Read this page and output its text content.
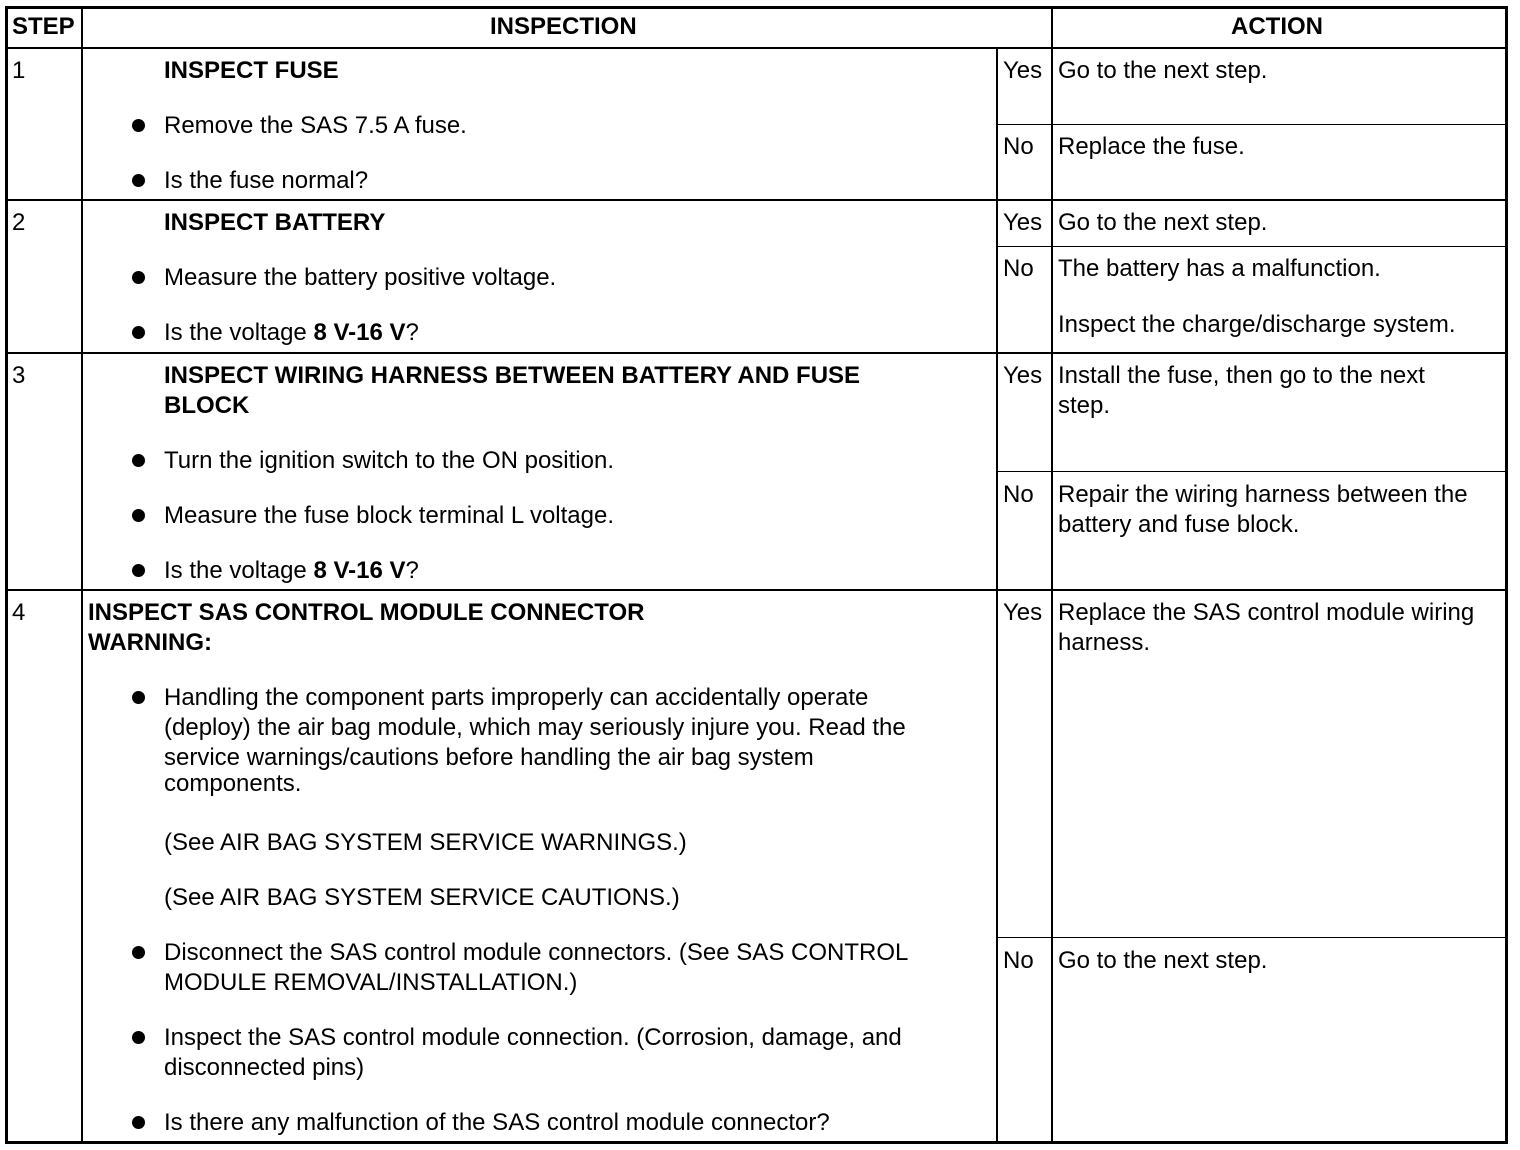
STEP	INSPECTION	ACTION
1	INSPECT FUSE
Remove the SAS 7.5 A fuse.
Is the fuse normal?
Yes Go to the next step.
No Replace the fuse.
2	INSPECT BATTERY
Measure the battery positive voltage.
Is the voltage 8 V-16 V?
Yes Go to the next step.
No The battery has a malfunction.
Inspect the charge/discharge system.
3	INSPECT WIRING HARNESS BETWEEN BATTERY AND FUSE
BLOCK
Turn the ignition switch to the ON position.
Measure the fuse block terminal L voltage.
Is the voltage 8 V-16 V?
Yes Install the fuse, then go to the next
step.
No Repair the wiring harness between the
battery and fuse block.
4	INSPECT SAS CONTROL MODULE CONNECTOR
WARNING:
Handling the component parts improperly can accidentally operate
(deploy) the air bag module, which may seriously injure you. Read the
service warnings/cautions before handling the air bag system
components.
(See AIR BAG SYSTEM SERVICE WARNINGS.)
(See AIR BAG SYSTEM SERVICE CAUTIONS.)
Disconnect the SAS control module connectors. (See SAS CONTROL
MODULE REMOVAL/INSTALLATION.)
Inspect the SAS control module connection. (Corrosion, damage, and
disconnected pins)
Is there any malfunction of the SAS control module connector?
Yes Replace the SAS control module wiring
harness.
No Go to the next step.
